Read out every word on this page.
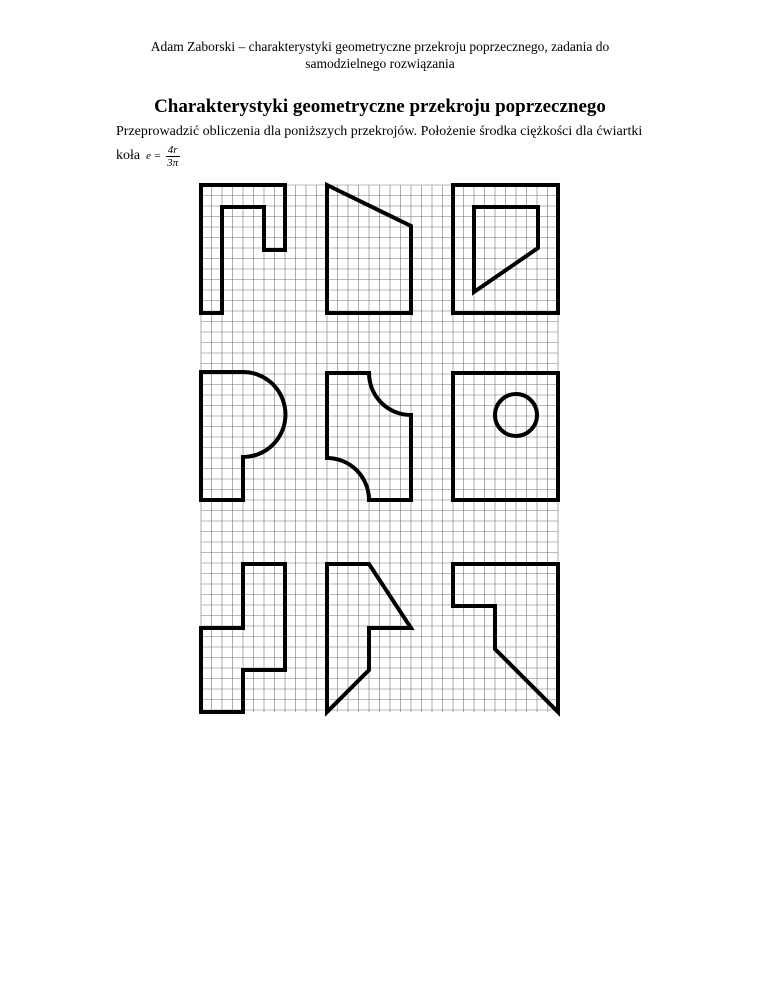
Adam Zaborski – charakterystyki geometryczne przekroju poprzecznego, zadania do
samodzielnego rozwiązania
Charakterystyki geometryczne przekroju poprzecznego
Przeprowadzić obliczenia dla poniższych przekrojów. Położenie środka ciężkości dla ćwiartki
koła $e = \frac{4r}{3\pi}$
